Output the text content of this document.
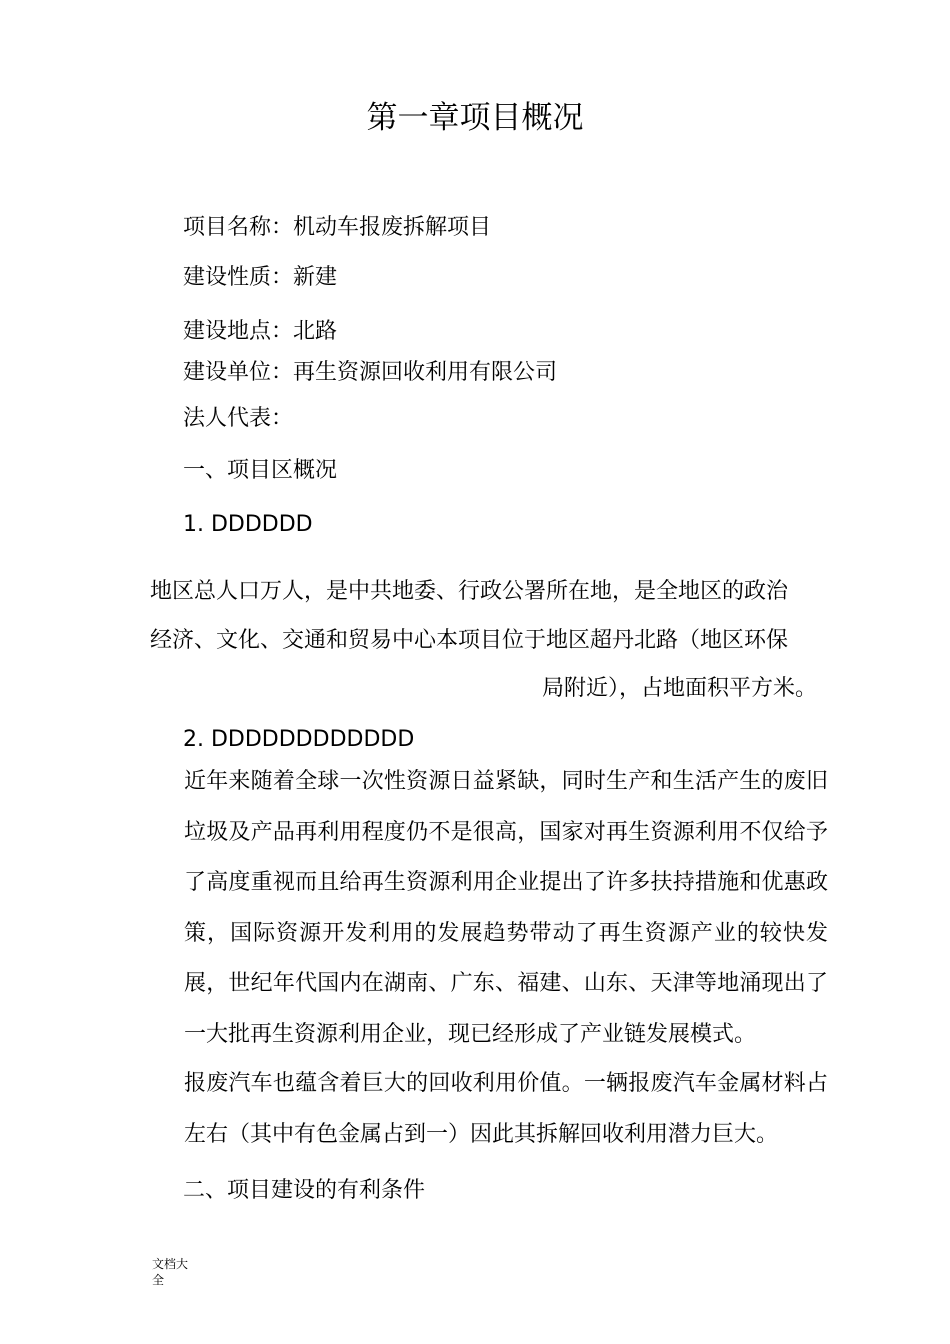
第一章项目概况
项目名称：机动车报废拆解项目
建设性质：新建
建设地点：北路
建设单位：再生资源回收利用有限公司
法人代表：
一、项目区概况
1. DDDDDD
地区总人口万人，是中共地委、行政公署所在地，是全地区的政治
经济、文化、交通和贸易中心本项目位于地区超丹北路（地区环保
局附近），占地面积平方米。
2. DDDDDDDDDDDD
近年来随着全球一次性资源日益紧缺，同时生产和生活产生的废旧垃圾及产品再利用程度仍不是很高，国家对再生资源利用不仅给予了高度重视而且给再生资源利用企业提出了许多扶持措施和优惠政策，国际资源开发利用的发展趋势带动了再生资源产业的较快发展，世纪年代国内在湖南、广东、福建、山东、天津等地涌现出了一大批再生资源利用企业，现已经形成了产业链发展模式。
报废汽车也蕴含着巨大的回收利用价值。一辆报废汽车金属材料占左右（其中有色金属占到一）因此其拆解回收利用潜力巨大。
二、项目建设的有利条件
文档大全
